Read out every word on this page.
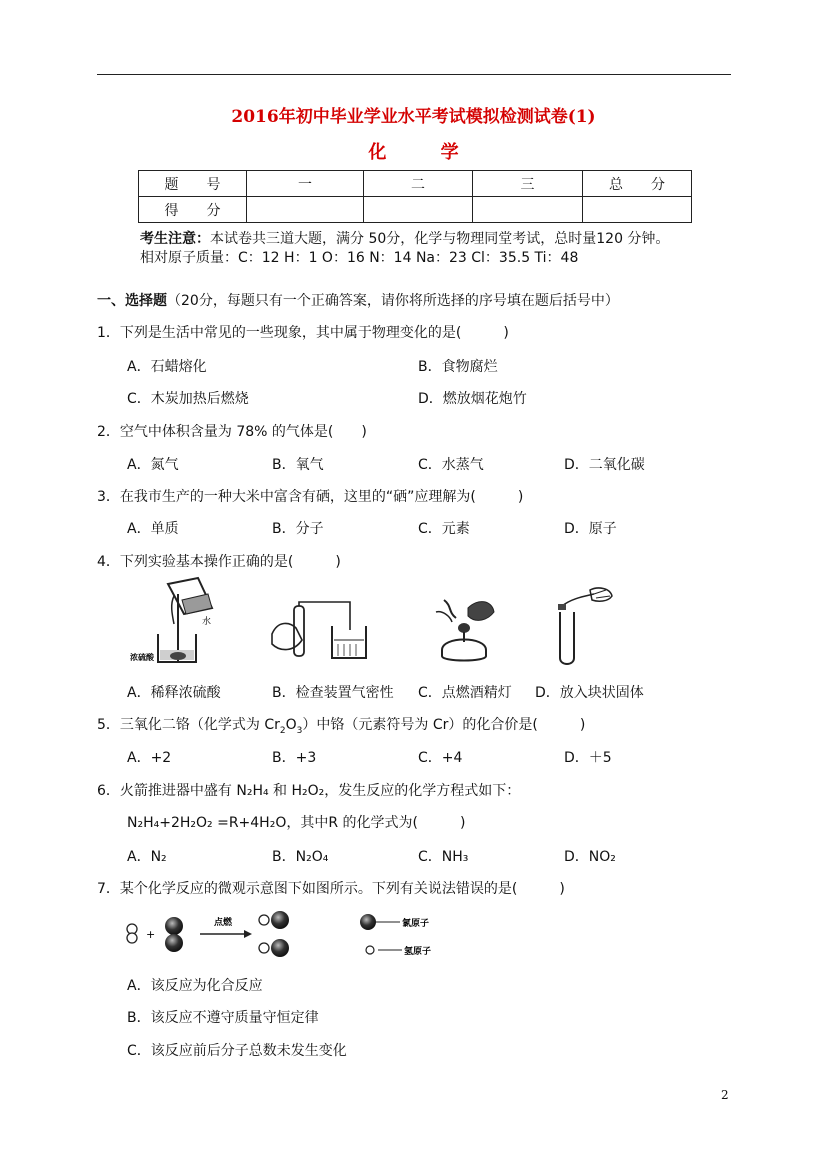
2016年初中毕业学业水平考试模拟检测试卷(1)
化 学
题　　号	一	二	三	总　　分
得　　分				
考生注意：本试卷共三道大题，满分 50分，化学与物理同堂考试，总时量120 分钟。
相对原子质量：C：12 H：1 O：16 N：14 Na：23 Cl：35.5 Ti：48
一、选择题（20分，每题只有一个正确答案，请你将所选择的序号填在题后括号中）
1．下列是生活中常见的一些现象，其中属于物理变化的是(　　　)
A．石蜡熔化	B．食物腐烂
C．木炭加热后燃烧	D．燃放烟花炮竹
2．空气中体积含量为 78% 的气体是(　　)
A．氮气	B．氧气	C．水蒸气	D．二氧化碳
3．在我市生产的一种大米中富含有硒，这里的“硒”应理解为(　　　)
A．单质	B．分子	C．元素	D．原子
4．下列实验基本操作正确的是(　　　)
水
浓硫酸
A．稀释浓硫酸	B．检查装置气密性 C．点燃酒精灯 D．放入块状固体
5．三氧化二铬（化学式为 $Cr_2O_3$）中铬（元素符号为 Cr）的化合价是(　　　)
A．+2	B．+3	C．+4	D．＋5
6．火箭推进器中盛有 N₂H₄ 和 H₂O₂，发生反应的化学方程式如下：
N₂H₄+2H₂O₂ =R+4H₂O，其中R 的化学式为(　　　)
A．N₂	B．N₂O₄	C．NH₃	D．NO₂
7．某个化学反应的微观示意图下如图所示。下列有关说法错误的是(　　　)
+
点燃	氯原子
氢原子
A．该反应为化合反应
B．该反应不遵守质量守恒定律
C．该反应前后分子总数未发生变化
2
